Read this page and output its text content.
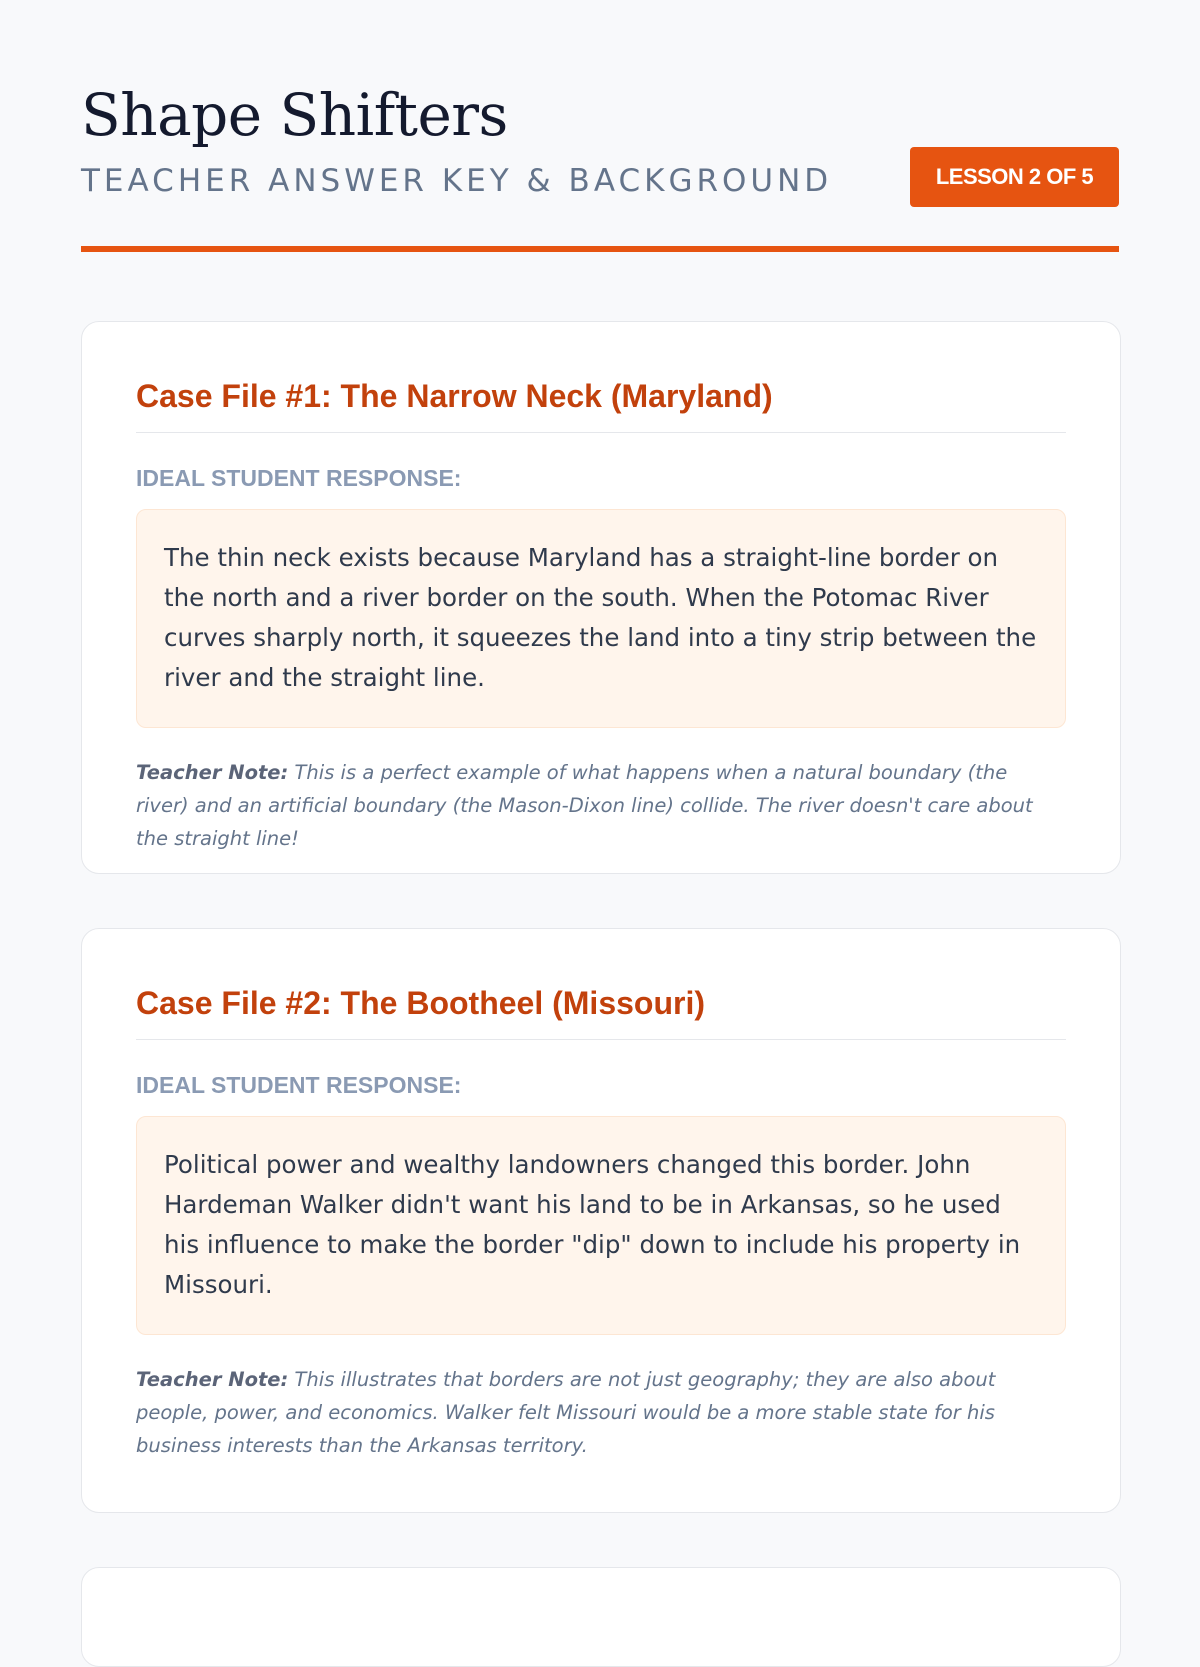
Shape Shifters
TEACHER ANSWER KEY & BACKGROUND	LESSON 2 OF 5
Case File #1: The Narrow Neck (Maryland)
IDEAL STUDENT RESPONSE:
The thin neck exists because Maryland has a straight-line border on the north and a river border on the south. When the Potomac River curves sharply north, it squeezes the land into a tiny strip between the river and the straight line.

Teacher Note: This is a perfect example of what happens when a natural boundary (the river) and an artificial boundary (the Mason-Dixon line) collide. The river doesn't care about the straight line!

Case File #2: The Bootheel (Missouri)
IDEAL STUDENT RESPONSE:
Political power and wealthy landowners changed this border. John Hardeman Walker didn't want his land to be in Arkansas, so he used his influence to make the border "dip" down to include his property in Missouri.

Teacher Note: This illustrates that borders are not just geography; they are also about people, power, and economics. Walker felt Missouri would be a more stable state for his business interests than the Arkansas territory.
